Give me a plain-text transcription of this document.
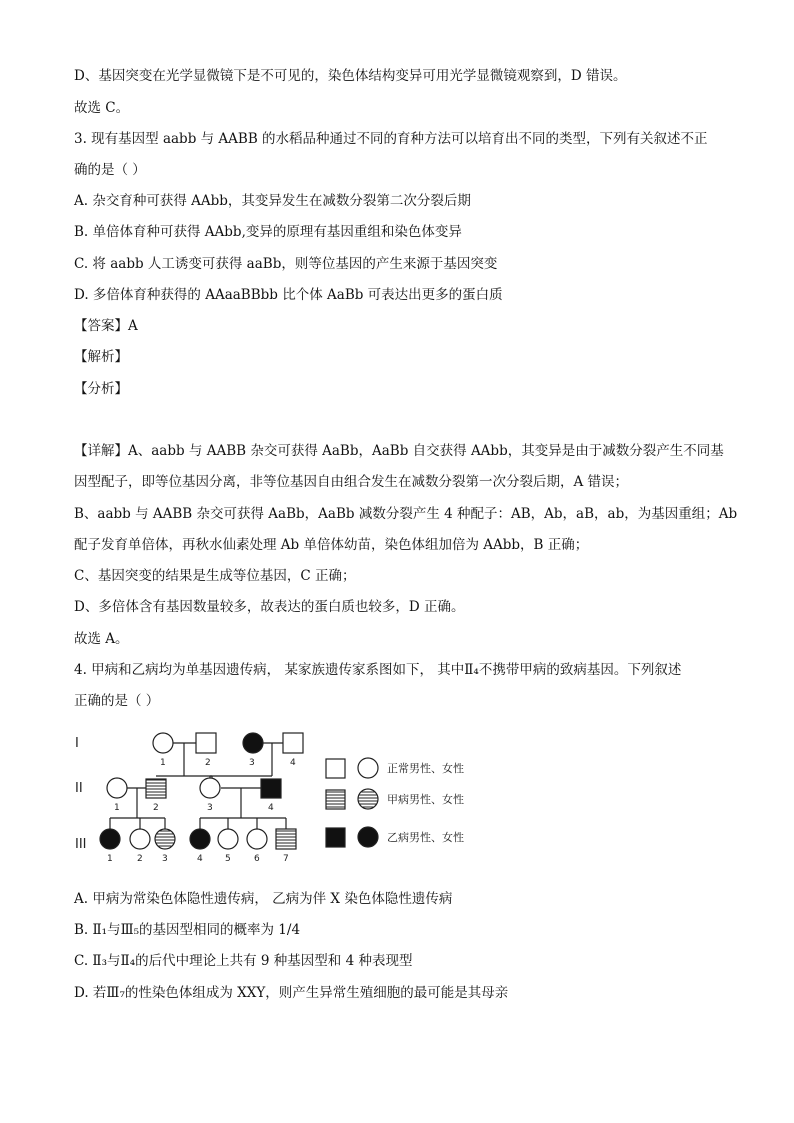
D、基因突变在光学显微镜下是不可见的，染色体结构变异可用光学显微镜观察到，D 错误。
故选 C。
3. 现有基因型 aabb 与 AABB 的水稻品种通过不同的育种方法可以培育出不同的类型，下列有关叙述不正
确的是（ ）
A. 杂交育种可获得 AAbb，其变异发生在减数分裂第二次分裂后期
B. 单倍体育种可获得 AAbb,变异的原理有基因重组和染色体变异
C. 将 aabb 人工诱变可获得 aaBb，则等位基因的产生来源于基因突变
D. 多倍体育种获得的 AAaaBBbb 比个体 AaBb 可表达出更多的蛋白质
【答案】A
【解析】
【分析】
【详解】A、aabb 与 AABB 杂交可获得 AaBb，AaBb 自交获得 AAbb，其变异是由于减数分裂产生不同基
因型配子，即等位基因分离，非等位基因自由组合发生在减数分裂第一次分裂后期，A 错误；
B、aabb 与 AABB 杂交可获得 AaBb，AaBb 减数分裂产生 4 种配子：AB，Ab，aB，ab，为基因重组；Ab
配子发育单倍体，再秋水仙素处理 Ab 单倍体幼苗，染色体组加倍为 AAbb，B 正确；
C、基因突变的结果是生成等位基因，C 正确；
D、多倍体含有基因数量较多，故表达的蛋白质也较多，D 正确。
故选 A。
4. 甲病和乙病均为单基因遗传病， 某家族遗传家系图如下， 其中Ⅱ₄不携带甲病的致病基因。下列叙述
正确的是（ ）
A. 甲病为常染色体隐性遗传病， 乙病为伴 X 染色体隐性遗传病
B. Ⅱ₁与Ⅲ₅的基因型相同的概率为 1/4
C. Ⅱ₃与Ⅱ₄的后代中理论上共有 9 种基因型和 4 种表现型
D. 若Ⅲ₇的性染色体组成为 XXY，则产生异常生殖细胞的最可能是其母亲
I
II
III
1	2	3	4
1	2	3	4
1	2 3	4 5	6	7
正常男性、女性
甲病男性、女性
乙病男性、女性
